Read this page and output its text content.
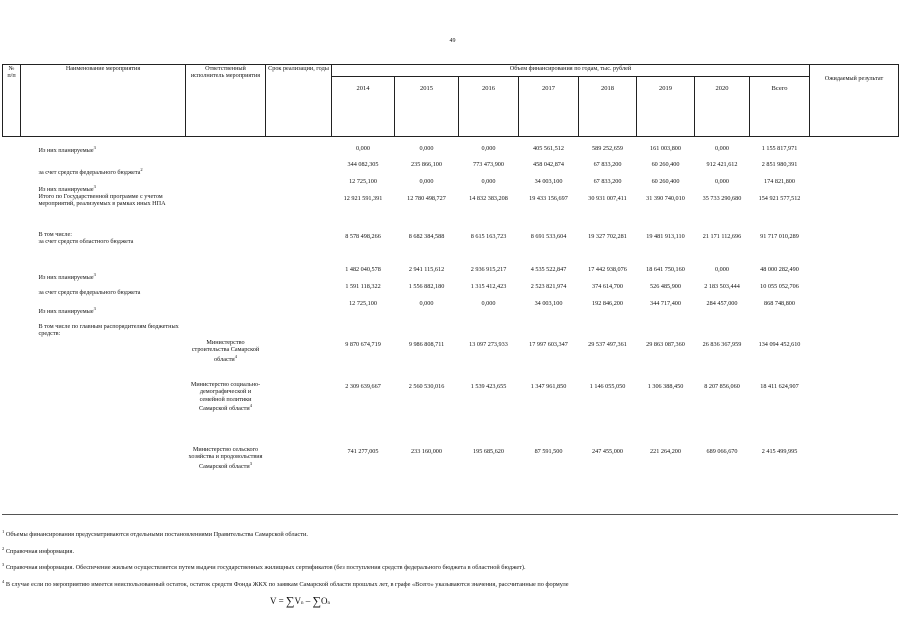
49
№
п/п	Наименование мероприятия	Ответственный исполнитель мероприятия	Срок реализации, годы	Объем финансирования по годам, тыс. рублей								Ожидаемый результат
				2014	2015	2016	2017	2018	2019	2020	Всего	
	Из них планируемые$^3$			0,000	0,000	0,000	405 561,512	589 252,659	161 003,800	0,000	1 155 817,971	
	за счет средств федерального бюджета$^2$			344 082,305	235 866,100	773 473,900	458 042,874	67 833,200	60 260,400	912 421,612	2 851 980,391	
	Из них планируемые$^3$			12 725,100	0,000	0,000	34 003,100	67 833,200	60 260,400	0,000	174 821,800	
	Итого по Государственной программе с учетом мероприятий, реализуемых в рамках иных НПА			12 921 591,391	12 780 498,727	14 832 383,208	19 433 156,697	30 931 007,411	31 390 740,010	35 733 290,680	154 921 577,512	
	В том числе:
за счет средств областного бюджета			8 578 498,266	8 682 384,588	8 615 163,723	8 691 533,604	19 327 702,281	19 481 913,110	21 171 112,696	91 717 010,289	
	Из них планируемые$^3$			1 482 040,578	2 941 115,612	2 936 915,217	4 535 522,847	17 442 938,076	18 641 750,160	0,000	48 000 282,490	
	за счет средств федерального бюджета			1 591 118,322	1 556 882,180	1 315 412,423	2 523 821,974	374 614,700	526 485,900	2 183 503,444	10 055 052,706	
	Из них планируемые$^3$			12 725,100	0,000	0,000	34 003,100	192 846,200	344 717,400	284 457,000	868 748,800	
	В том числе по главным распорядителям бюджетных средств:											
		Министерство строительства Самарской области$^4$		9 870 674,719	9 986 808,711	13 097 273,933	17 997 603,347	29 537 497,361	29 863 087,360	26 836 367,959	134 094 452,610	
		Министерство социально-демографической и семейной политики Самарской области$^4$		2 309 639,667	2 560 530,016	1 539 423,655	1 347 961,850	1 146 055,050	1 306 388,450	8 207 856,060	18 411 624,907	
		Министерство сельского хозяйства и продовольствия Самарской области$^3$		741 277,005	233 160,000	195 685,620	87 591,500	247 455,000	221 264,200	689 066,670	2 415 499,995	

$^1$ Объемы финансирования предусматриваются отдельными постановлениями Правительства Самарской области.

$^2$ Справочная информация.

$^3$ Справочная информация. Обеспечение жильем осуществляется путем выдачи государственных жилищных сертификатов (без поступления средств федерального бюджета в областной бюджет).

$^4$ В случае если по мероприятию имеется неиспользованный остаток, остаток средств Фонда ЖКХ по заявкам Самарской области прошлых лет, в графе «Всего» указываются значения, рассчитанные по формуле

V = ∑Vn – ∑On
